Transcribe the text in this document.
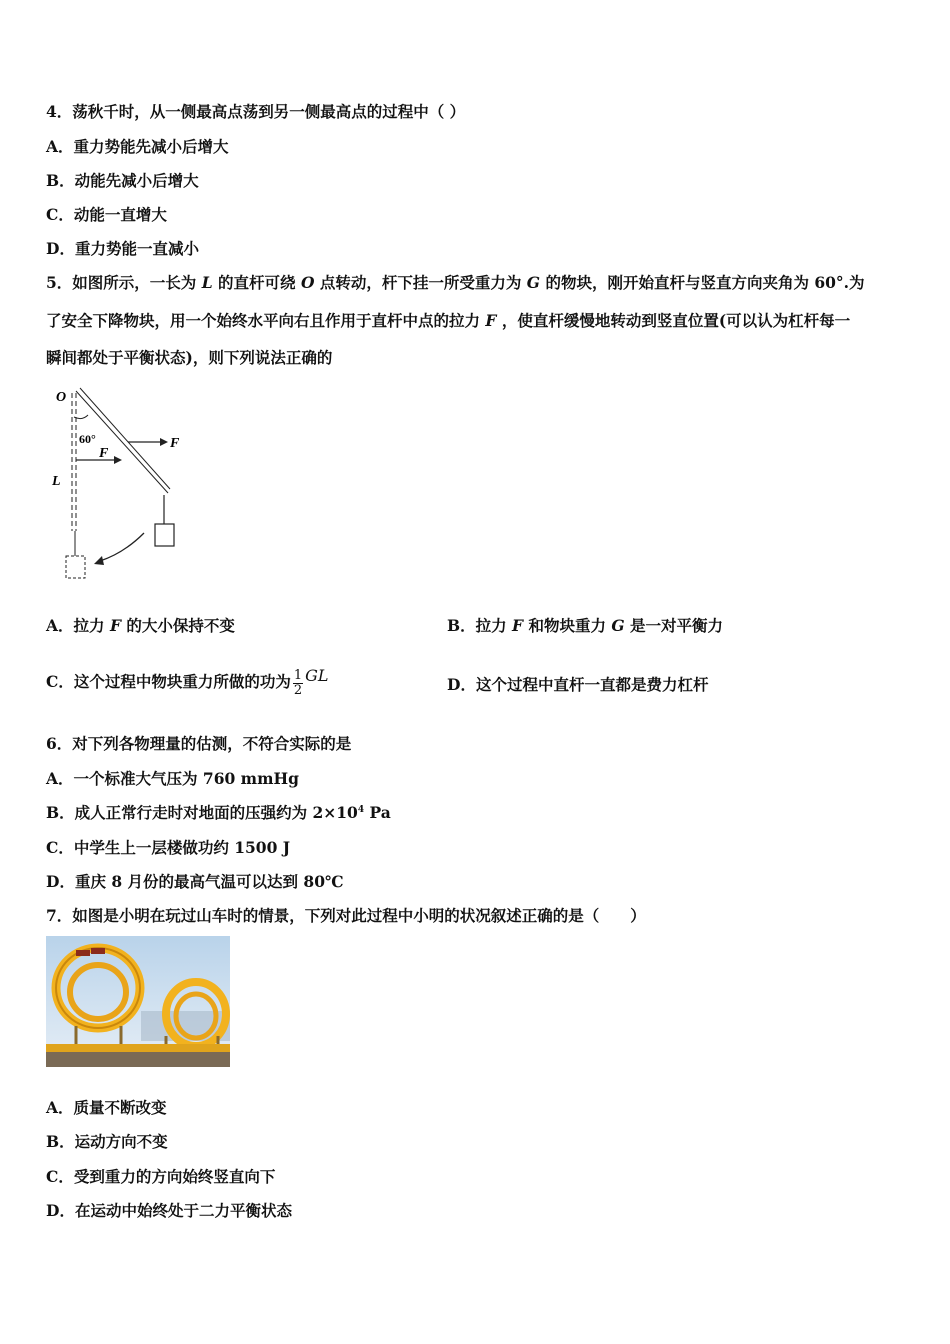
4．荡秋千时，从一侧最高点荡到另一侧最高点的过程中（ ）
A．重力势能先减小后增大
B．动能先减小后增大
C．动能一直增大
D．重力势能一直减小
5．如图所示，一长为 L 的直杆可绕 O 点转动，杆下挂一所受重力为 G 的物块，刚开始直杆与竖直方向夹角为 60°.为
了安全下降物块，用一个始终水平向右且作用于直杆中点的拉力 F ，使直杆缓慢地转动到竖直位置(可以认为杠杆每一
瞬间都处于平衡状态)，则下列说法正确的
O
60°	F
F
L
A．拉力 F 的大小保持不变	B．拉力 F 和物块重力 G 是一对平衡力
C．这个过程中物块重力所做的功为 $\frac{1}{2}$ GL	D．这个过程中直杆一直都是费力杠杆
6．对下列各物理量的估测，不符合实际的是
A．一个标准大气压为 760 mmHg
B．成人正常行走时对地面的压强约为 $2\times 10^4$ Pa
C．中学生上一层楼做功约 1500 J
D．重庆 8 月份的最高气温可以达到 80℃
7．如图是小明在玩过山车时的情景，下列对此过程中小明的状况叙述正确的是（　　）
A．质量不断改变
B．运动方向不变
C．受到重力的方向始终竖直向下
D．在运动中始终处于二力平衡状态
